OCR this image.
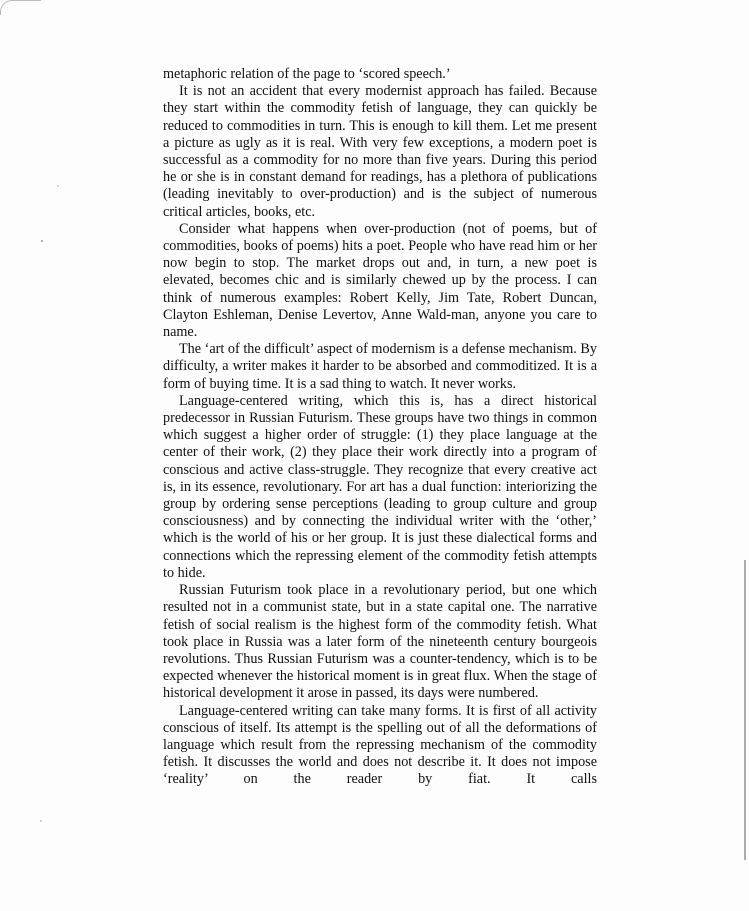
metaphoric relation of the page to ‘scored speech.’

It is not an accident that every modernist approach has failed. Because they start within the commodity fetish of language, they can quickly be reduced to commodities in turn. This is enough to kill them. Let me present a picture as ugly as it is real. With very few exceptions, a modern poet is successful as a commodity for no more than five years. During this period he or she is in constant demand for readings, has a plethora of publications (leading inevitably to over-production) and is the subject of numerous critical articles, books, etc.

Consider what happens when over-production (not of poems, but of commodities, books of poems) hits a poet. People who have read him or her now begin to stop. The market drops out and, in turn, a new poet is elevated, becomes chic and is similarly chewed up by the process. I can think of numerous examples: Robert Kelly, Jim Tate, Robert Duncan, Clayton Eshleman, Denise Levertov, Anne Wald-man, anyone you care to name.

The ‘art of the difficult’ aspect of modernism is a defense mechanism. By difficulty, a writer makes it harder to be absorbed and commoditized. It is a form of buying time. It is a sad thing to watch. It never works.

Language-centered writing, which this is, has a direct historical predecessor in Russian Futurism. These groups have two things in common which suggest a higher order of struggle: (1) they place language at the center of their work, (2) they place their work directly into a program of conscious and active class-struggle. They recognize that every creative act is, in its essence, revolutionary. For art has a dual function: interiorizing the group by ordering sense perceptions (leading to group culture and group consciousness) and by connecting the individual writer with the ‘other,’ which is the world of his or her group. It is just these dialectical forms and connections which the repressing element of the commodity fetish attempts to hide.

Russian Futurism took place in a revolutionary period, but one which resulted not in a communist state, but in a state capital one. The narrative fetish of social realism is the highest form of the commodity fetish. What took place in Russia was a later form of the nineteenth century bourgeois revolutions. Thus Russian Futurism was a counter-tendency, which is to be expected whenever the historical moment is in great flux. When the stage of historical development it arose in passed, its days were numbered.

Language-centered writing can take many forms. It is first of all activity conscious of itself. Its attempt is the spelling out of all the deformations of language which result from the repressing mechanism of the commodity fetish. It discusses the world and does not describe it. It does not impose ‘reality’ on the reader by fiat. It calls
